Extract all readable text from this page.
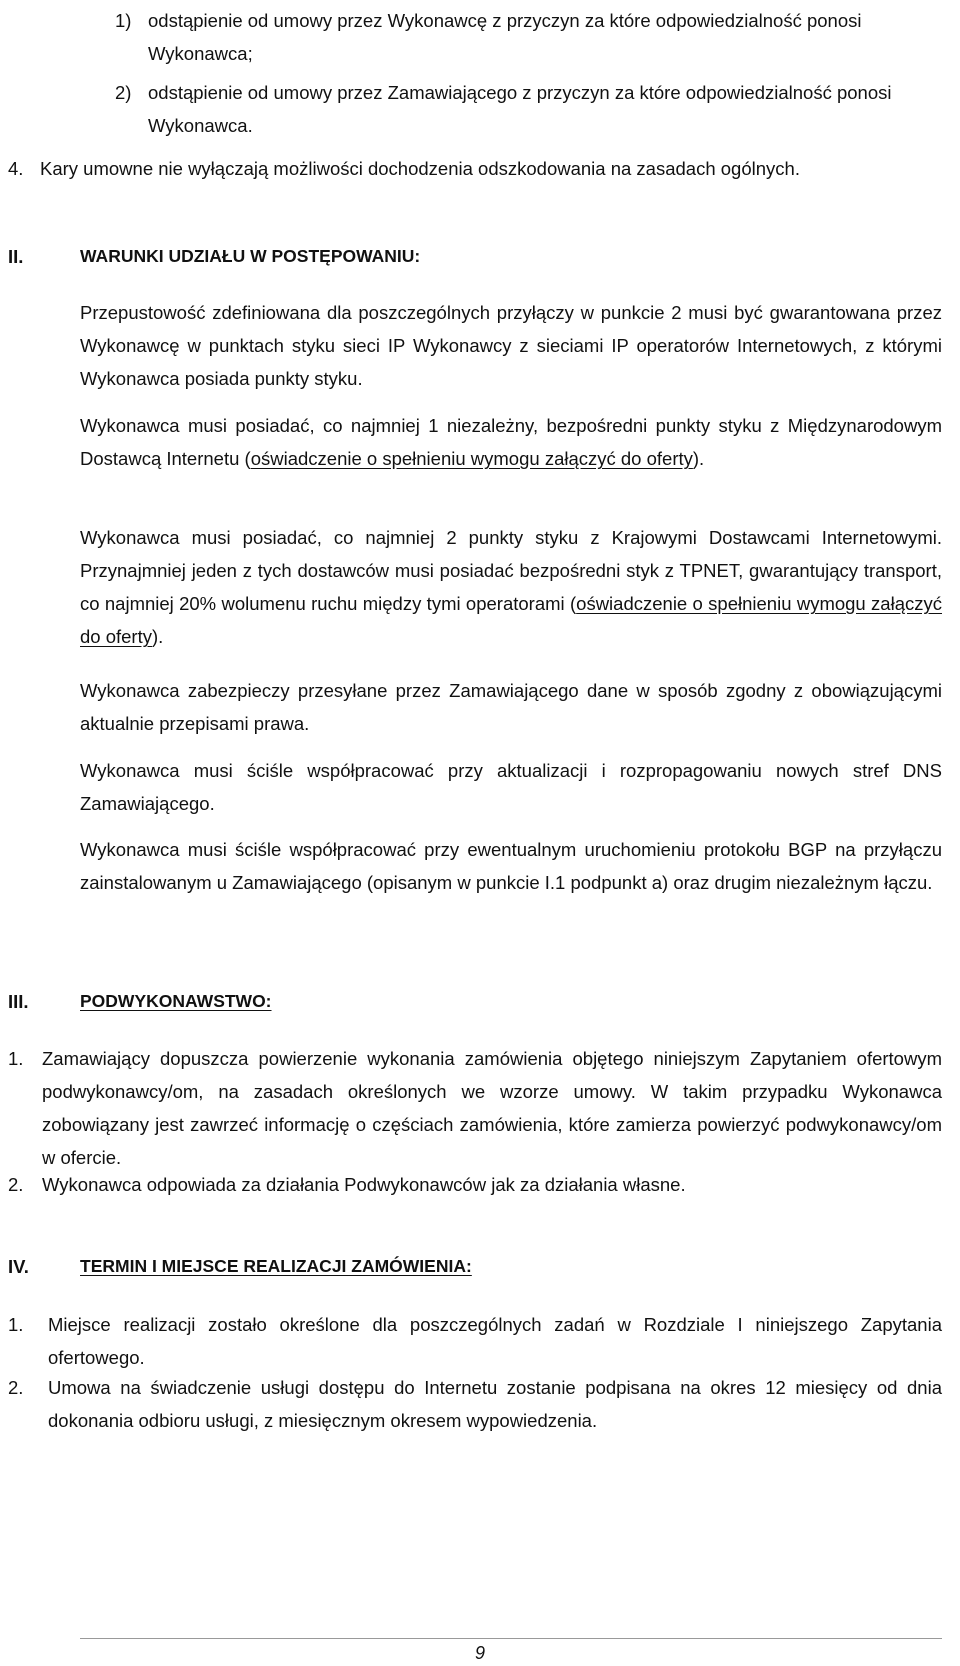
1) odstąpienie od umowy przez Wykonawcę z przyczyn za które odpowiedzialność ponosi Wykonawca;

2) odstąpienie od umowy przez Zamawiającego z przyczyn za które odpowiedzialność ponosi Wykonawca.

4. Kary umowne nie wyłączają możliwości dochodzenia odszkodowania na zasadach ogólnych.

II.	WARUNKI UDZIAŁU W POSTĘPOWANIU:

Przepustowość zdefiniowana dla poszczególnych przyłączy w punkcie 2 musi być gwarantowana przez Wykonawcę w punktach styku sieci IP Wykonawcy z sieciami IP operatorów Internetowych, z którymi Wykonawca posiada punkty styku.

Wykonawca musi posiadać, co najmniej 1 niezależny, bezpośredni punkty styku z Międzynarodowym Dostawcą Internetu (oświadczenie o spełnieniu wymogu załączyć do oferty).

Wykonawca musi posiadać, co najmniej 2 punkty styku z Krajowymi Dostawcami Internetowymi. Przynajmniej jeden z tych dostawców musi posiadać bezpośredni styk z TPNET, gwarantujący transport, co najmniej 20% wolumenu ruchu między tymi operatorami (oświadczenie o spełnieniu wymogu załączyć do oferty).

Wykonawca zabezpieczy przesyłane przez Zamawiającego dane w sposób zgodny z obowiązującymi aktualnie przepisami prawa.

Wykonawca musi ściśle współpracować przy aktualizacji i rozpropagowaniu nowych stref DNS Zamawiającego.

Wykonawca musi ściśle współpracować przy ewentualnym uruchomieniu protokołu BGP na przyłączu zainstalowanym u Zamawiającego (opisanym w punkcie I.1 podpunkt a) oraz drugim niezależnym łączu.

III.	PODWYKONAWSTWO:
1. Zamawiający dopuszcza powierzenie wykonania zamówienia objętego niniejszym Zapytaniem ofertowym podwykonawcy/om, na zasadach określonych we wzorze umowy. W takim przypadku Wykonawca zobowiązany jest zawrzeć informację o częściach zamówienia, które zamierza powierzyć podwykonawcy/om w ofercie.

2. Wykonawca odpowiada za działania Podwykonawców jak za działania własne.

IV.	TERMIN I MIEJSCE REALIZACJI ZAMÓWIENIA:
1. Miejsce realizacji zostało określone dla poszczególnych zadań w Rozdziale I niniejszego Zapytania ofertowego.

2. Umowa na świadczenie usługi dostępu do Internetu zostanie podpisana na okres 12 miesięcy od dnia dokonania odbioru usługi, z miesięcznym okresem wypowiedzenia.

9
